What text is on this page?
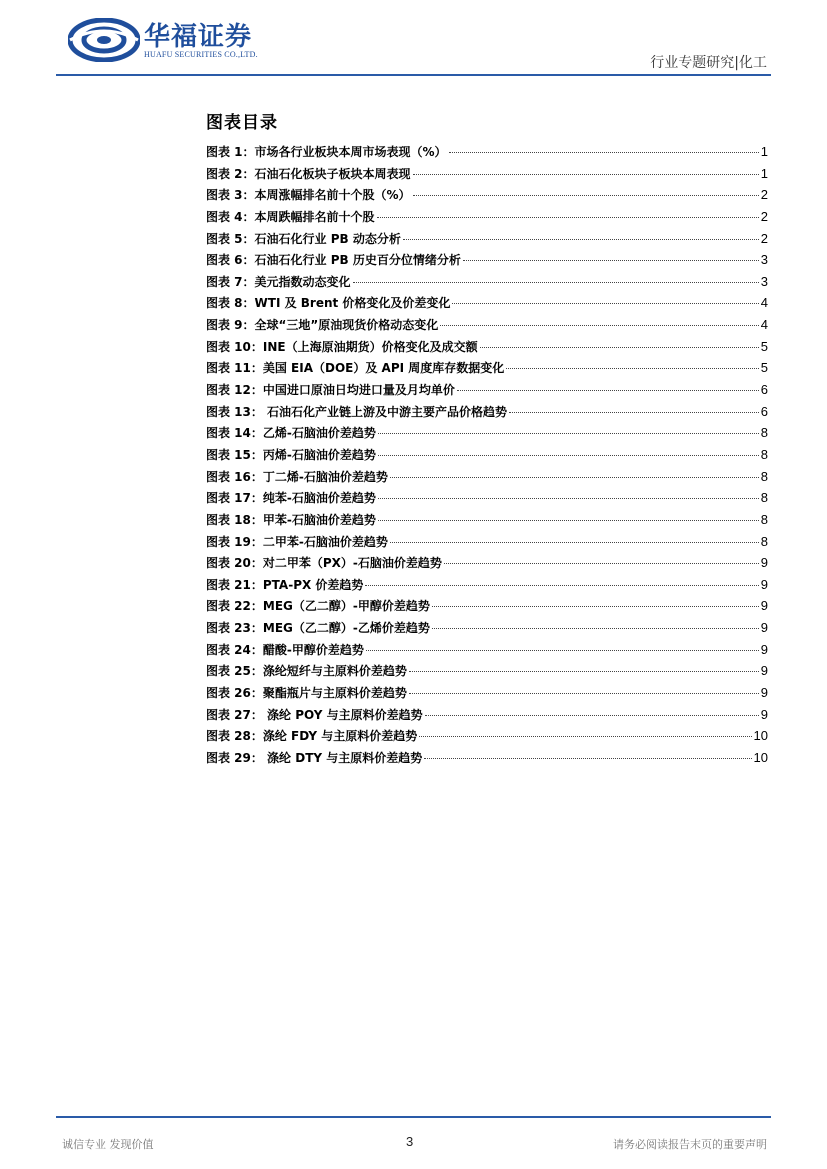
华福证券
HUAFU SECURITIES CO.,LTD.
行业专题研究|化工
图表目录
图表 1：市场各行业板块本周市场表现（%）	1
图表 2：石油石化板块子板块本周表现	1
图表 3：本周涨幅排名前十个股（%）	2
图表 4：本周跌幅排名前十个股	2
图表 5：石油石化行业 PB 动态分析	2
图表 6：石油石化行业 PB 历史百分位情绪分析	3
图表 7：美元指数动态变化	3
图表 8：WTI 及 Brent 价格变化及价差变化	4
图表 9：全球“三地”原油现货价格动态变化	4
图表 10：INE（上海原油期货）价格变化及成交额	5
图表 11：美国 EIA（DOE）及 API 周度库存数据变化	5
图表 12：中国进口原油日均进口量及月均单价	6
图表 13： 石油石化产业链上游及中游主要产品价格趋势	6
图表 14：乙烯-石脑油价差趋势	8
图表 15：丙烯-石脑油价差趋势	8
图表 16：丁二烯-石脑油价差趋势	8
图表 17：纯苯-石脑油价差趋势	8
图表 18：甲苯-石脑油价差趋势	8
图表 19：二甲苯-石脑油价差趋势	8
图表 20：对二甲苯（PX）-石脑油价差趋势	9
图表 21：PTA-PX 价差趋势	9
图表 22：MEG（乙二醇）-甲醇价差趋势	9
图表 23：MEG（乙二醇）-乙烯价差趋势	9
图表 24：醋酸-甲醇价差趋势	9
图表 25：涤纶短纤与主原料价差趋势	9
图表 26：聚酯瓶片与主原料价差趋势	9
图表 27： 涤纶 POY 与主原料价差趋势	9
图表 28：涤纶 FDY 与主原料价差趋势	10
图表 29： 涤纶 DTY 与主原料价差趋势	10
诚信专业 发现价值	3	请务必阅读报告末页的重要声明
